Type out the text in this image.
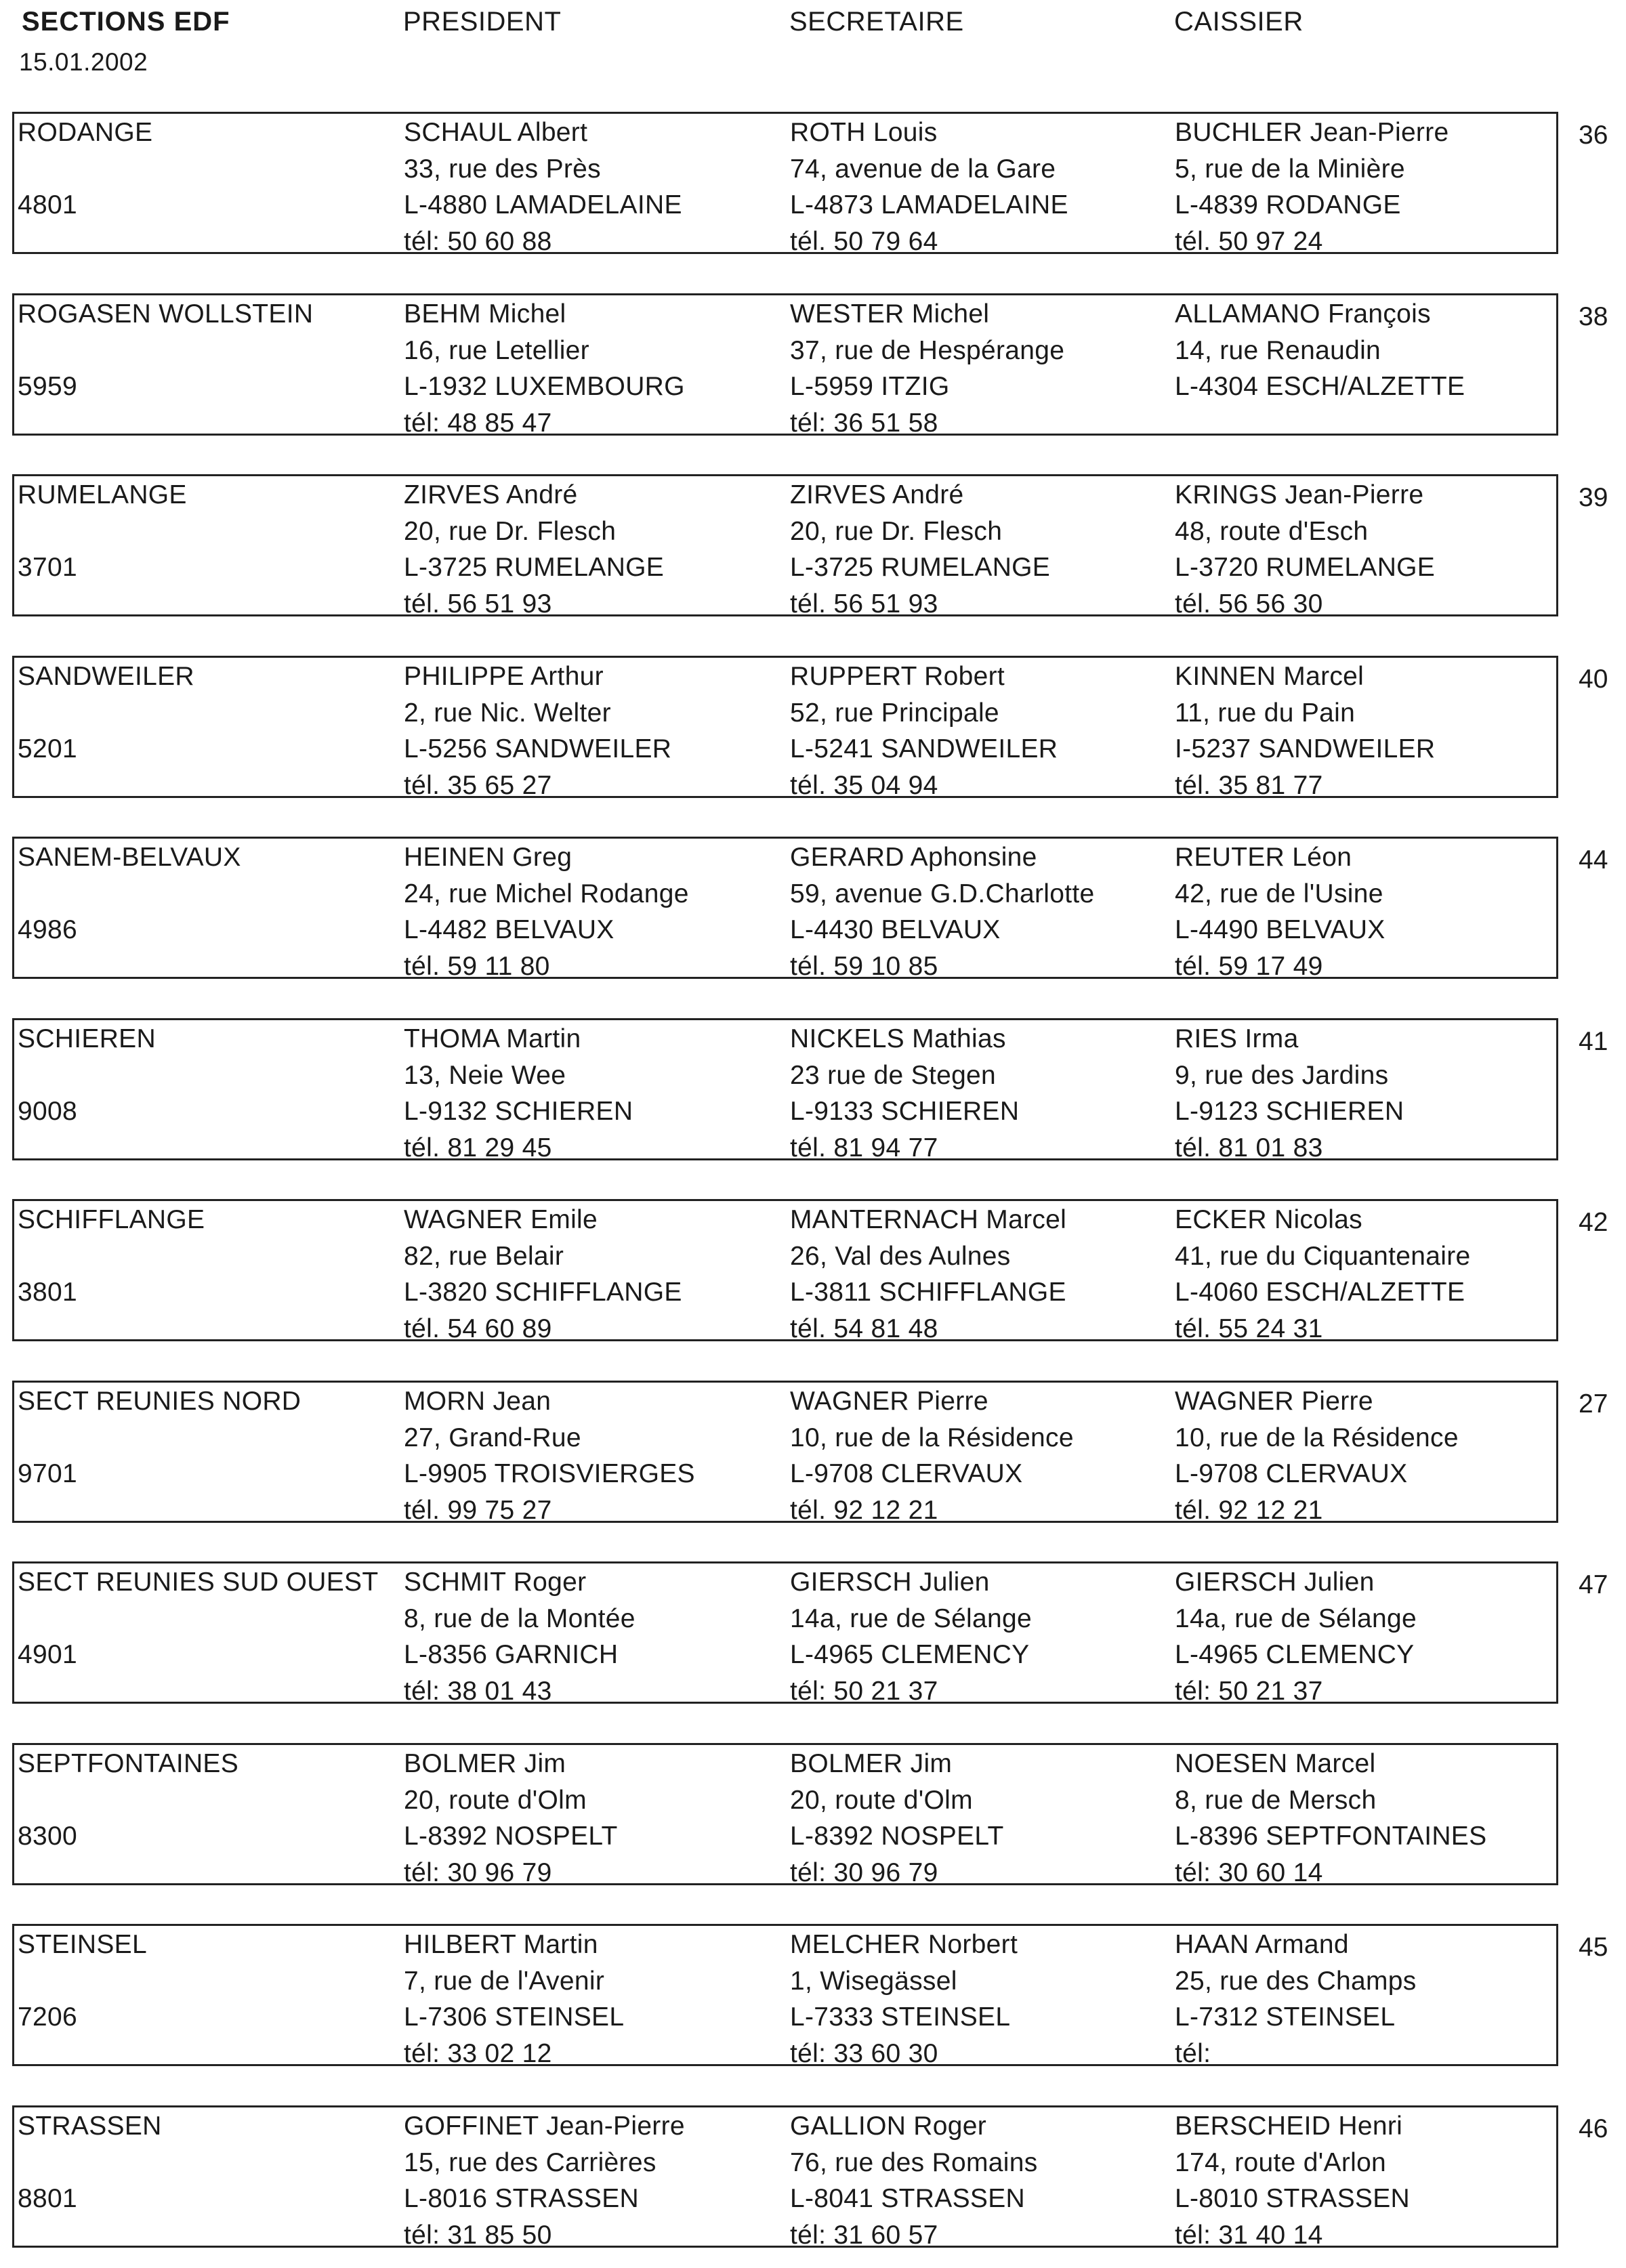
SECTIONS EDF
15.01.2002
PRESIDENT	SECRETAIRE	CAISSIER
RODANGE
4801
SCHAUL Albert
33, rue des Près
L-4880 LAMADELAINE
tél: 50 60 88
ROTH Louis
74, avenue de la Gare
L-4873 LAMADELAINE
tél. 50 79 64
BUCHLER Jean-Pierre
5, rue de la Minière
L-4839 RODANGE
tél. 50 97 24
36
ROGASEN WOLLSTEIN
5959
BEHM Michel
16, rue Letellier
L-1932 LUXEMBOURG
tél: 48 85 47
WESTER Michel
37, rue de Hespérange
L-5959 ITZIG
tél: 36 51 58
ALLAMANO François
14, rue Renaudin
L-4304 ESCH/ALZETTE
38
RUMELANGE
3701
ZIRVES André
20, rue Dr. Flesch
L-3725 RUMELANGE
tél. 56 51 93
ZIRVES André
20, rue Dr. Flesch
L-3725 RUMELANGE
tél. 56 51 93
KRINGS Jean-Pierre
48, route d'Esch
L-3720 RUMELANGE
tél. 56 56 30
39
SANDWEILER
5201
PHILIPPE Arthur
2, rue Nic. Welter
L-5256 SANDWEILER
tél. 35 65 27
RUPPERT Robert
52, rue Principale
L-5241 SANDWEILER
tél. 35 04 94
KINNEN Marcel
11, rue du Pain
I-5237 SANDWEILER
tél. 35 81 77
40
SANEM-BELVAUX
4986
HEINEN Greg
24, rue Michel Rodange
L-4482 BELVAUX
tél. 59 11 80
GERARD Aphonsine
59, avenue G.D.Charlotte
L-4430 BELVAUX
tél. 59 10 85
REUTER Léon
42, rue de l'Usine
L-4490 BELVAUX
tél. 59 17 49
44
SCHIEREN
9008
THOMA Martin
13, Neie Wee
L-9132 SCHIEREN
tél. 81 29 45
NICKELS Mathias
23 rue de Stegen
L-9133 SCHIEREN
tél. 81 94 77
RIES Irma
9, rue des Jardins
L-9123 SCHIEREN
tél. 81 01 83
41
SCHIFFLANGE
3801
WAGNER Emile
82, rue Belair
L-3820 SCHIFFLANGE
tél. 54 60 89
MANTERNACH Marcel
26, Val des Aulnes
L-3811 SCHIFFLANGE
tél. 54 81 48
ECKER Nicolas
41, rue du Ciquantenaire
L-4060 ESCH/ALZETTE
tél. 55 24 31
42
SECT REUNIES NORD
9701
MORN Jean
27, Grand-Rue
L-9905 TROISVIERGES
tél. 99 75 27
WAGNER Pierre
10, rue de la Résidence
L-9708 CLERVAUX
tél. 92 12 21
WAGNER Pierre
10, rue de la Résidence
L-9708 CLERVAUX
tél. 92 12 21
27
SECT REUNIES SUD OUEST
4901
SCHMIT Roger
8, rue de la Montée
L-8356 GARNICH
tél: 38 01 43
GIERSCH Julien
14a, rue de Sélange
L-4965 CLEMENCY
tél: 50 21 37
GIERSCH Julien
14a, rue de Sélange
L-4965 CLEMENCY
tél: 50 21 37
47
SEPTFONTAINES
8300
BOLMER Jim
20, route d'Olm
L-8392 NOSPELT
tél: 30 96 79
BOLMER Jim
20, route d'Olm
L-8392 NOSPELT
tél: 30 96 79
NOESEN Marcel
8, rue de Mersch
L-8396 SEPTFONTAINES
tél: 30 60 14
STEINSEL
7206
HILBERT Martin
7, rue de l'Avenir
L-7306 STEINSEL
tél: 33 02 12
MELCHER Norbert
1, Wisegässel
L-7333 STEINSEL
tél: 33 60 30
HAAN Armand
25, rue des Champs
L-7312 STEINSEL
tél:
45
STRASSEN
8801
GOFFINET Jean-Pierre
15, rue des Carrières
L-8016 STRASSEN
tél: 31 85 50
GALLION Roger
76, rue des Romains
L-8041 STRASSEN
tél: 31 60 57
BERSCHEID Henri
174, route d'Arlon
L-8010 STRASSEN
tél: 31 40 14
46
